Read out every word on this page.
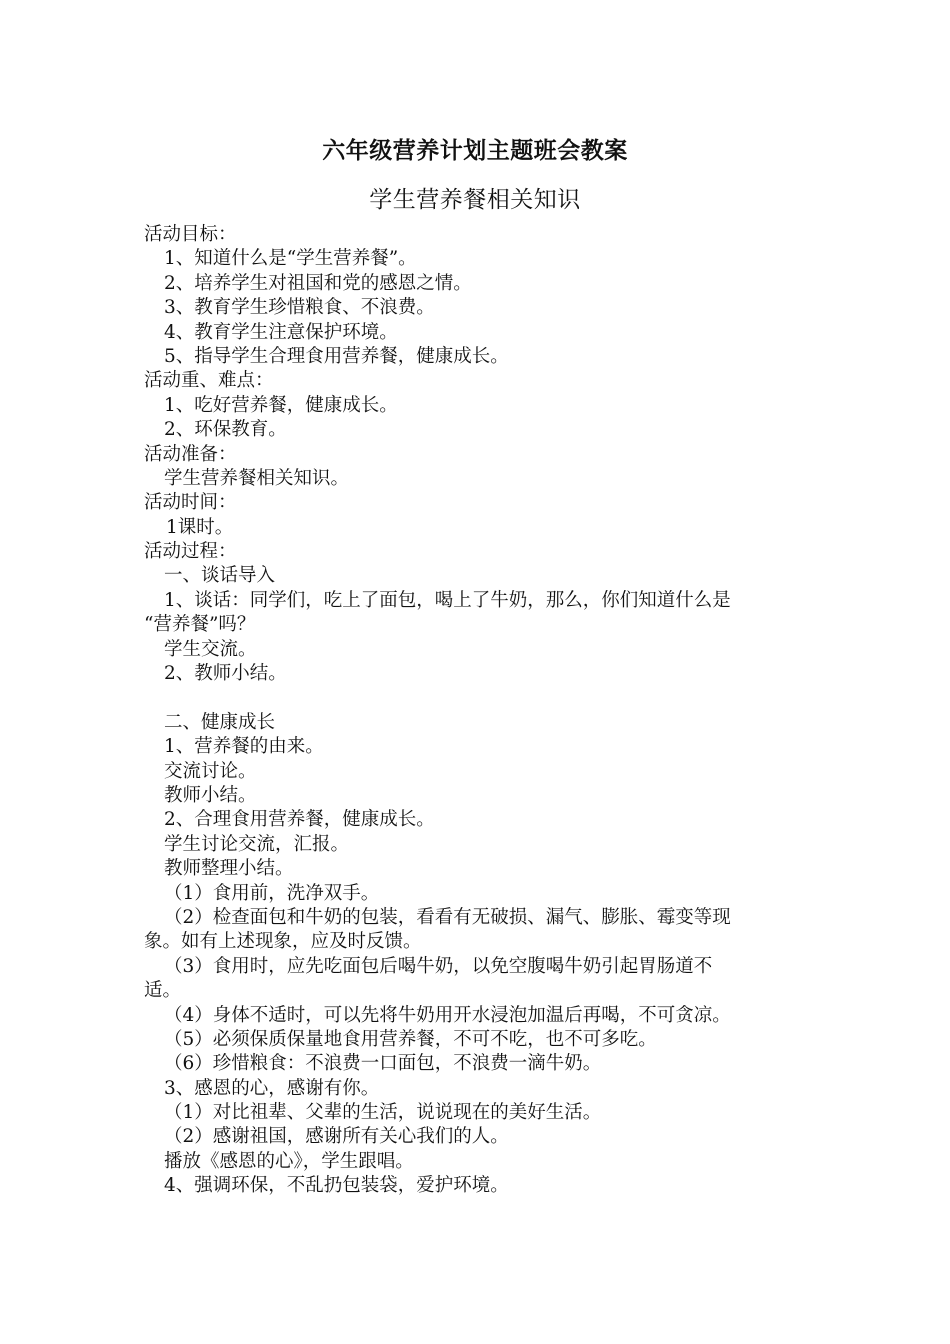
六年级营养计划主题班会教案
学生营养餐相关知识
活动目标：
1、知道什么是“学生营养餐”。
2、培养学生对祖国和党的感恩之情。
3、教育学生珍惜粮食、不浪费。
4、教育学生注意保护环境。
5、指导学生合理食用营养餐，健康成长。
活动重、难点：
1、吃好营养餐，健康成长。
2、环保教育。
活动准备：
学生营养餐相关知识。
活动时间：
1课时。
活动过程：
一、谈话导入
1、谈话：同学们，吃上了面包，喝上了牛奶，那么，你们知道什么是
“营养餐”吗？
学生交流。
2、教师小结。
二、健康成长
1、营养餐的由来。
交流讨论。
教师小结。
2、合理食用营养餐，健康成长。
学生讨论交流，汇报。
教师整理小结。
（1）食用前，洗净双手。
（2）检查面包和牛奶的包装，看看有无破损、漏气、膨胀、霉变等现
象。如有上述现象，应及时反馈。
（3）食用时，应先吃面包后喝牛奶，以免空腹喝牛奶引起胃肠道不
适。
（4）身体不适时，可以先将牛奶用开水浸泡加温后再喝，不可贪凉。
（5）必须保质保量地食用营养餐，不可不吃，也不可多吃。
（6）珍惜粮食：不浪费一口面包，不浪费一滴牛奶。
3、感恩的心，感谢有你。
（1）对比祖辈、父辈的生活，说说现在的美好生活。
（2）感谢祖国，感谢所有关心我们的人。
播放《感恩的心》，学生跟唱。
4、强调环保，不乱扔包装袋，爱护环境。
